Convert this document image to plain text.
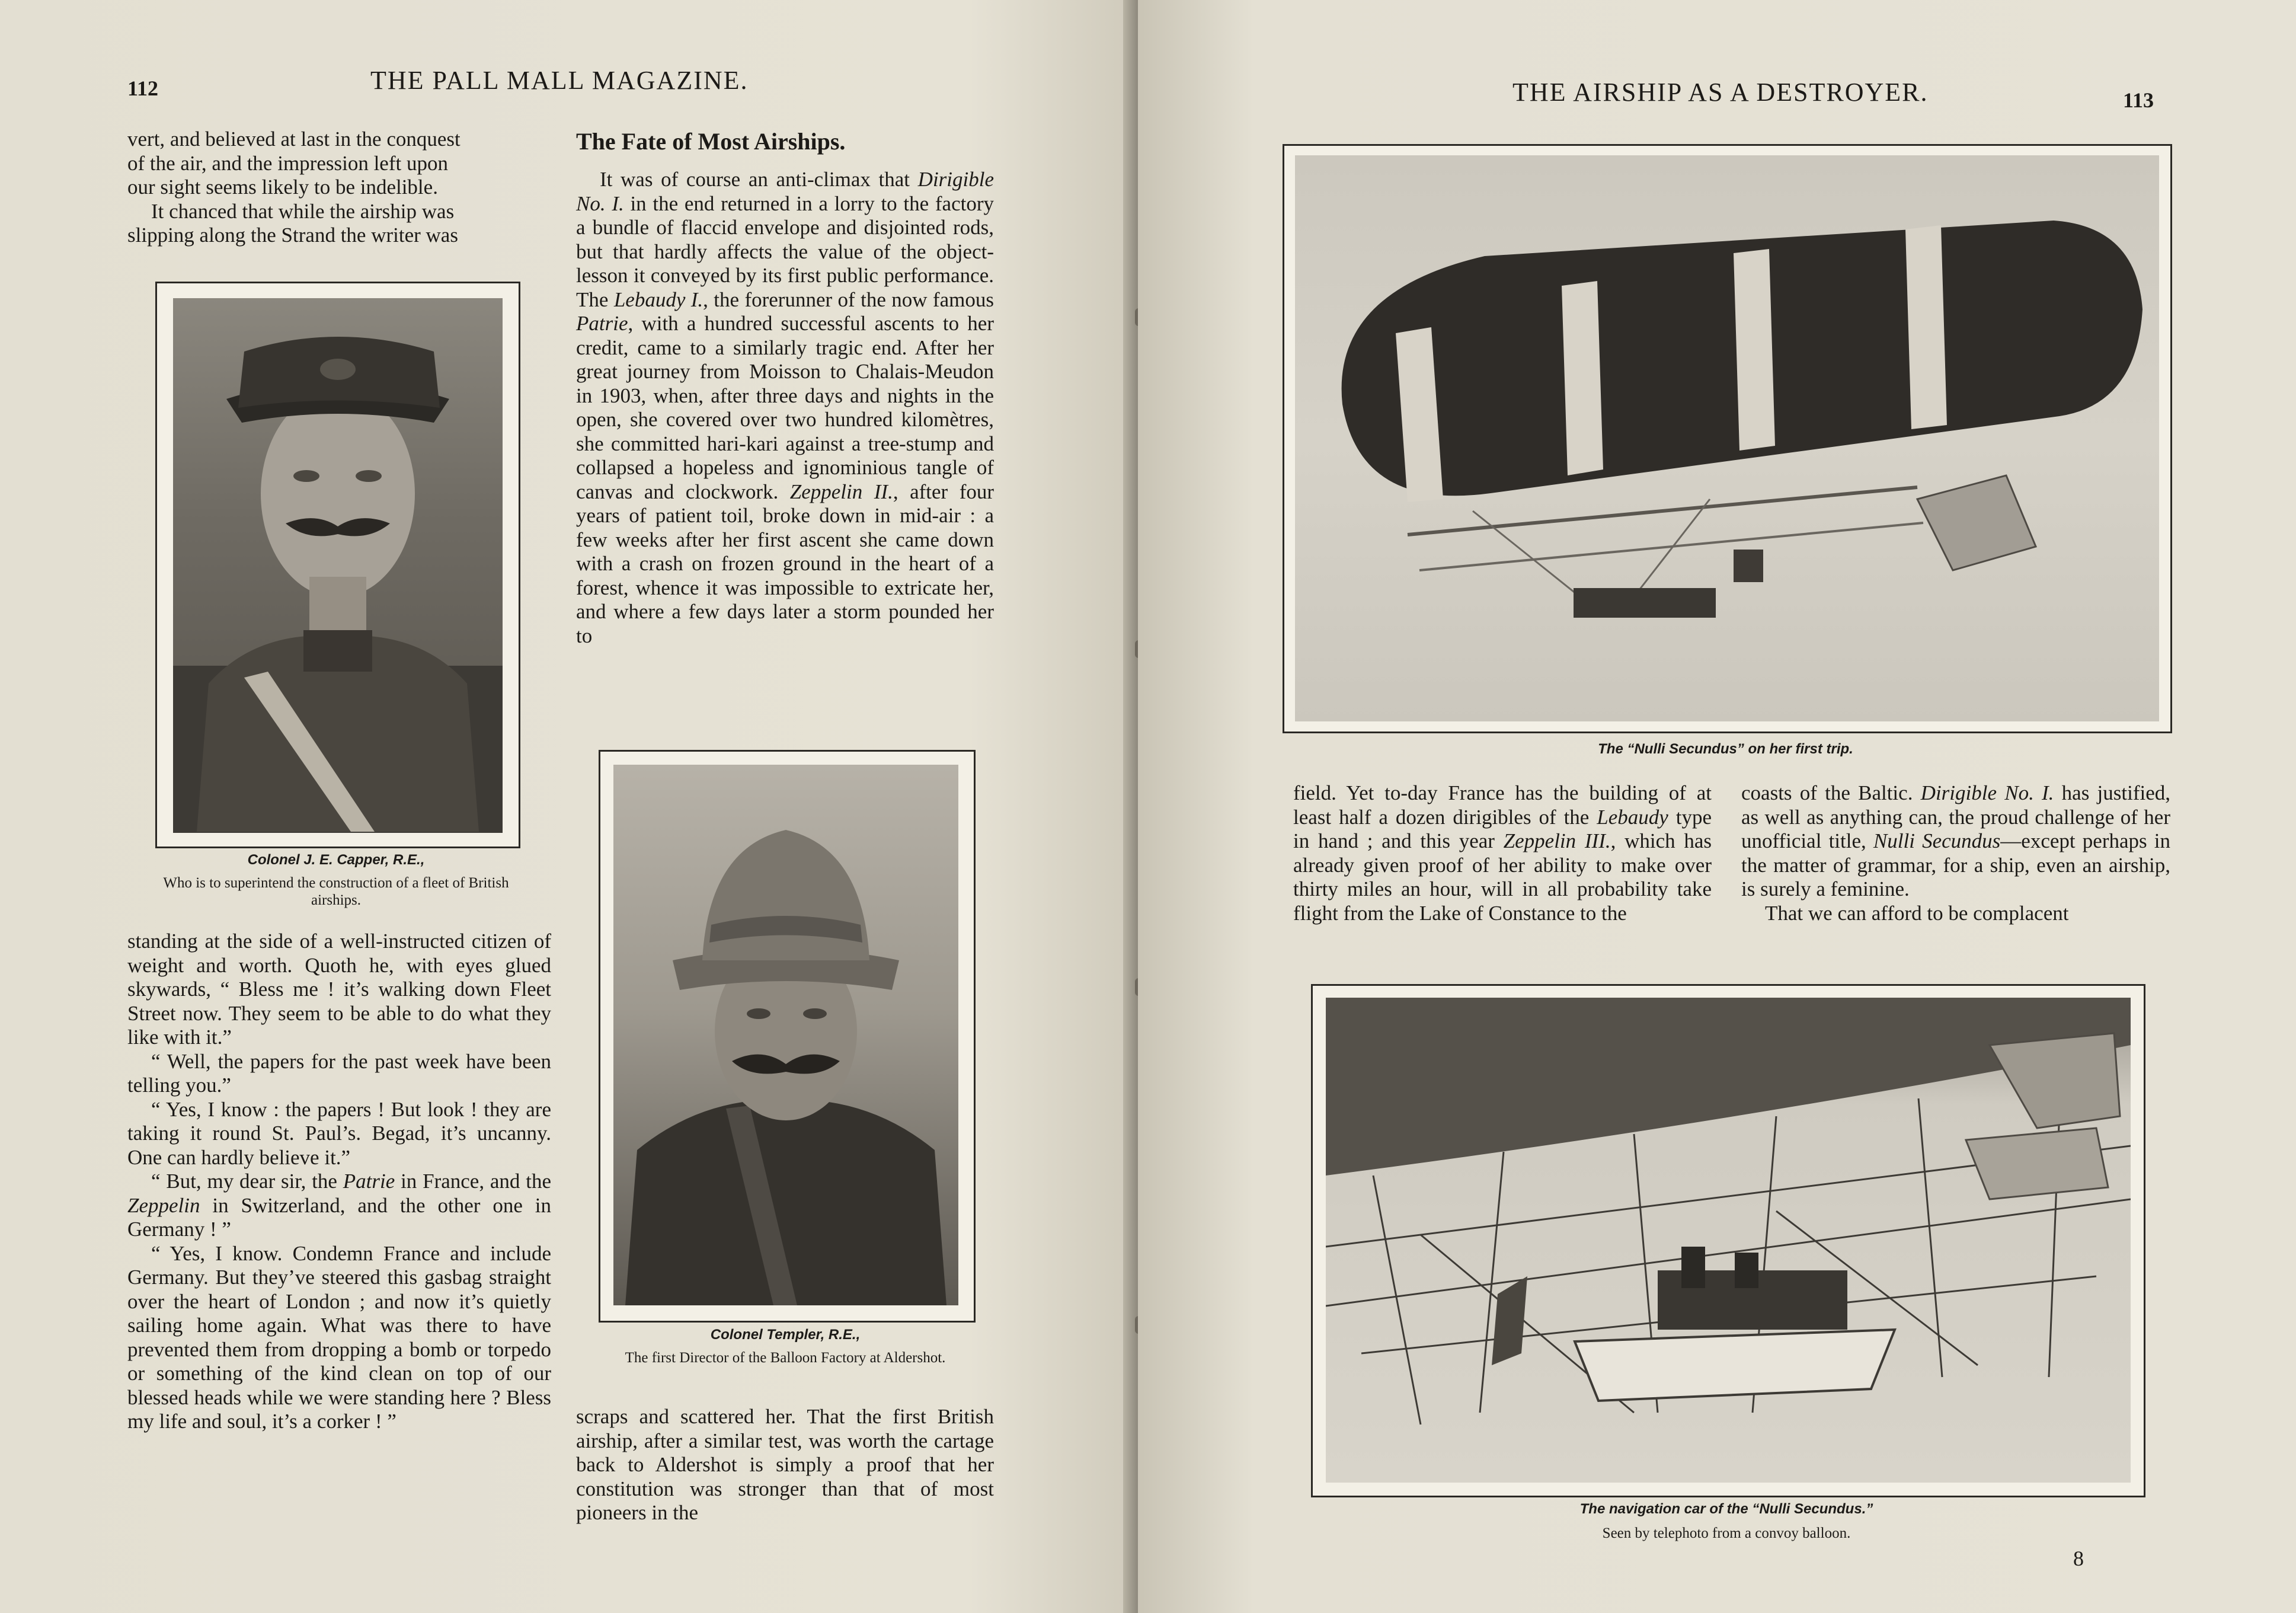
112	THE PALL MALL MAGAZINE.

vert, and believed at last in the conquest

of the air, and the impression left upon

our sight seems likely to be indelible.

It chanced that while the airship was

slipping along the Strand the writer was

Colonel J. E. Capper, R.E.,
Who is to superintend the construction of a fleet of British airships.

standing at the side of a well-instructed citizen of weight and worth. Quoth he, with eyes glued skywards, “ Bless me ! it’s walking down Fleet Street now. They seem to be able to do what they like with it.”

“ Well, the papers for the past week have been telling you.”

“ Yes, I know : the papers ! But look ! they are taking it round St. Paul’s. Begad, it’s uncanny. One can hardly believe it.”

“ But, my dear sir, the Patrie in France, and the Zeppelin in Switzerland, and the other one in Germany ! ”

“ Yes, I know. Condemn France and include Germany. But they’ve steered this gasbag straight over the heart of London ; and now it’s quietly sailing home again. What was there to have prevented them from dropping a bomb or torpedo or something of the kind clean on top of our blessed heads while we were standing here ? Bless my life and soul, it’s a corker ! ”

The Fate of Most Airships.

It was of course an anti-climax that Dirigible No. I. in the end returned in a lorry to the factory a bundle of flaccid envelope and disjointed rods, but that hardly affects the value of the object-lesson it conveyed by its first public performance. The Lebaudy I., the forerunner of the now famous Patrie, with a hundred successful ascents to her credit, came to a similarly tragic end. After her great journey from Moisson to Chalais-Meudon in 1903, when, after three days and nights in the open, she covered over two hundred kilomètres, she committed hari-kari against a tree-stump and collapsed a hopeless and ignominious tangle of canvas and clockwork. Zeppelin II., after four years of patient toil, broke down in mid-air : a few weeks after her first ascent she came down with a crash on frozen ground in the heart of a forest, whence it was impossible to extricate her, and where a few days later a storm pounded her to

Colonel Templer, R.E.,
The first Director of the Balloon Factory at Aldershot.

scraps and scattered her. That the first British airship, after a similar test, was worth the cartage back to Aldershot is simply a proof that her constitution was stronger than that of most pioneers in the

THE AIRSHIP AS A DESTROYER.	113
The “Nulli Secundus” on her first trip.

field. Yet to-day France has the building of at least half a dozen dirigibles of the Lebaudy type in hand ; and this year Zeppelin III., which has already given proof of her ability to make over thirty miles an hour, will in all probability take flight from the Lake of Constance to the

coasts of the Baltic. Dirigible No. I. has justified, as well as anything can, the proud challenge of her unofficial title, Nulli Secundus—except perhaps in the matter of grammar, for a ship, even an airship, is surely a feminine.

That we can afford to be complacent

The navigation car of the “Nulli Secundus.”
Seen by telephoto from a convoy balloon.
8
